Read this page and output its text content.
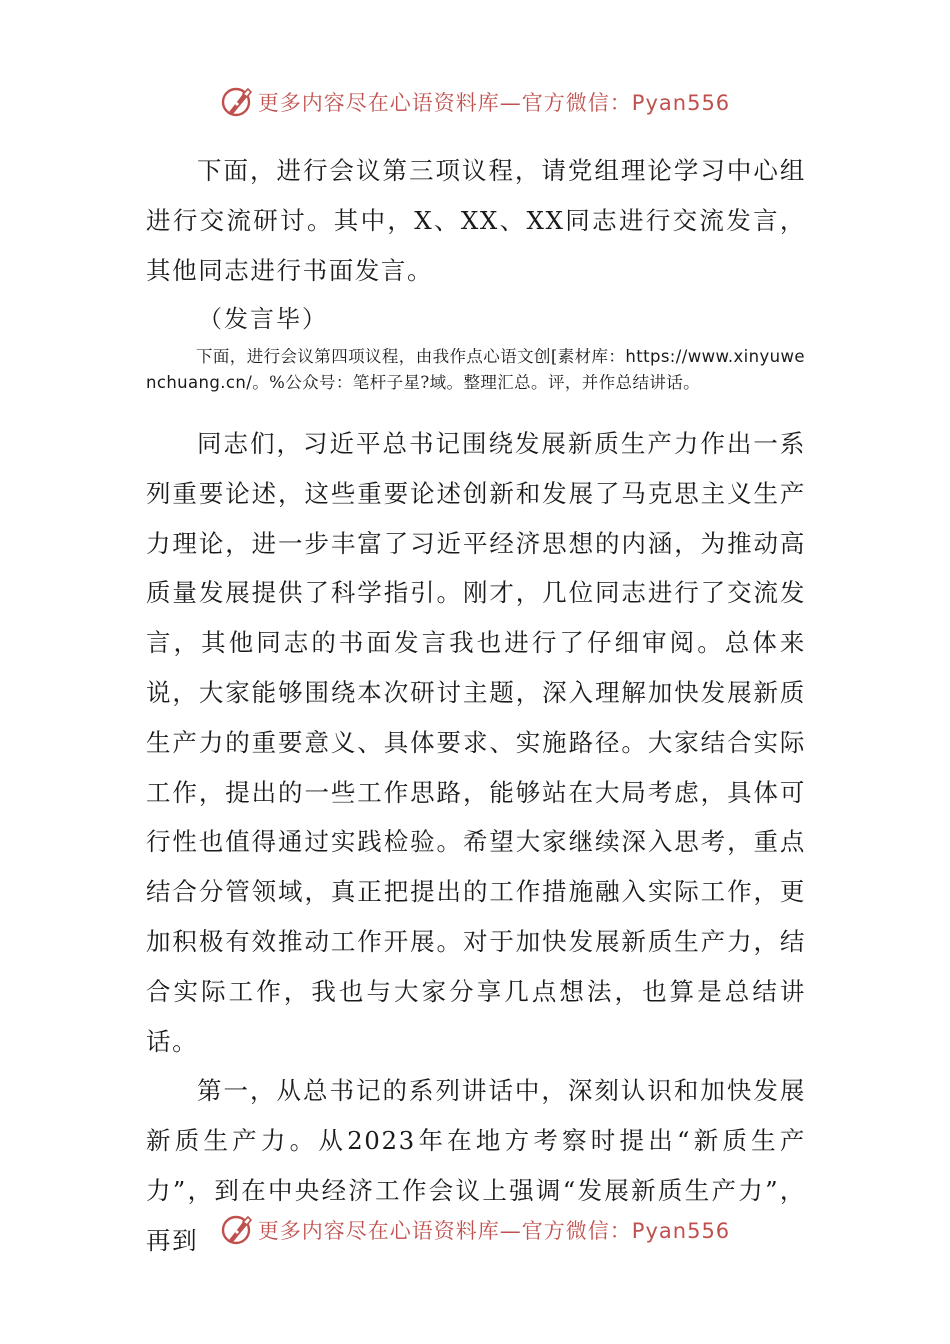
更多内容尽在心语资料库—官方微信：Pyan556

下面，进行会议第三项议程，请党组理论学习中心组进行交流研讨。其中，X、XX、XX同志进行交流发言，其他同志进行书面发言。

（发言毕）

下面，进行会议第四项议程，由我作点心语文创[素材库：https://www.xinyuwenchuang.cn/。%公众号：笔杆子星?域。整理汇总。评，并作总结讲话。

同志们，习近平总书记围绕发展新质生产力作出一系列重要论述，这些重要论述创新和发展了马克思主义生产力理论，进一步丰富了习近平经济思想的内涵，为推动高质量发展提供了科学指引。刚才，几位同志进行了交流发言，其他同志的书面发言我也进行了仔细审阅。总体来说，大家能够围绕本次研讨主题，深入理解加快发展新质生产力的重要意义、具体要求、实施路径。大家结合实际工作，提出的一些工作思路，能够站在大局考虑，具体可行性也值得通过实践检验。希望大家继续深入思考，重点结合分管领域，真正把提出的工作措施融入实际工作，更加积极有效推动工作开展。对于加快发展新质生产力，结合实际工作，我也与大家分享几点想法，也算是总结讲话。

第一，从总书记的系列讲话中，深刻认识和加快发展新质生产力。从2023年在地方考察时提出“新质生产力”，到在中央经济工作会议上强调“发展新质生产力”，再到	更多内容尽在心语资料库—官方微信：Pyan556
